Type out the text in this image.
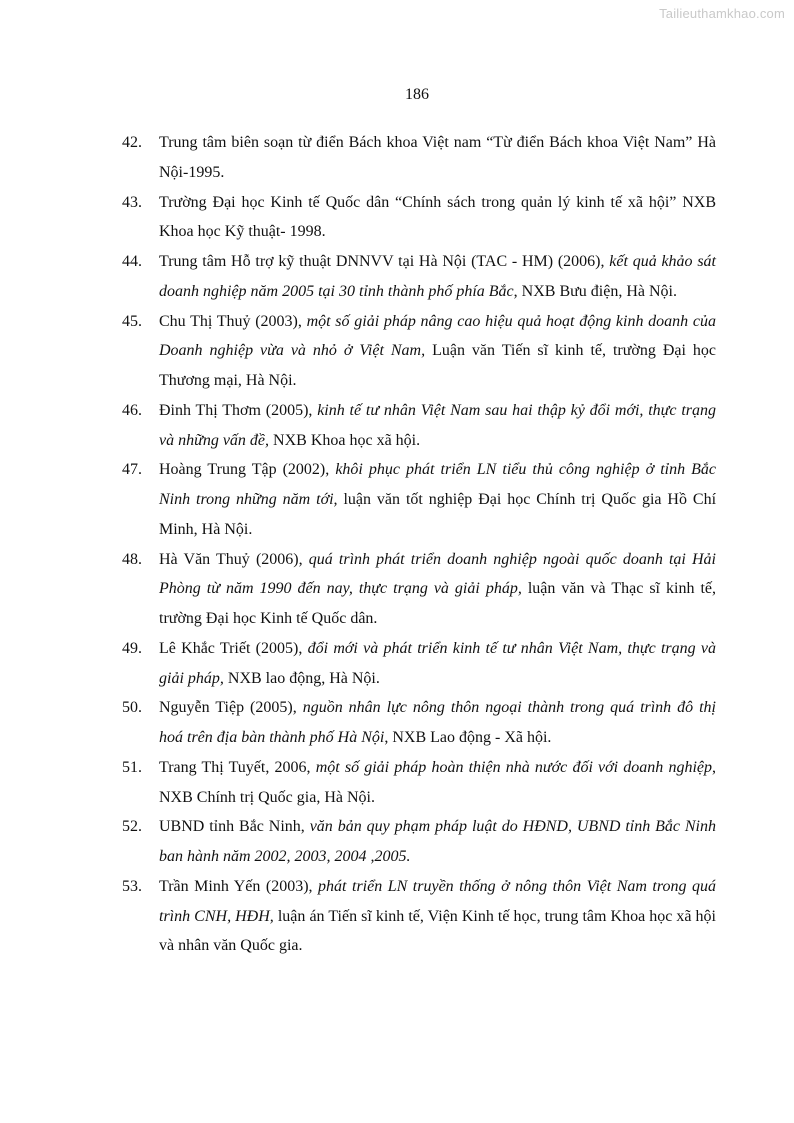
Tailieuthamkhao.com
186
42. Trung tâm biên soạn từ điển Bách khoa Việt nam “Từ điển Bách khoa Việt Nam” Hà Nội-1995.
43. Trường Đại học Kinh tế Quốc dân “Chính sách trong quản lý kinh tế xã hội” NXB Khoa học Kỹ thuật- 1998.
44. Trung tâm Hỗ trợ kỹ thuật DNNVV tại Hà Nội (TAC - HM) (2006), kết quả khảo sát doanh nghiệp năm 2005 tại 30 tỉnh thành phố phía Bắc, NXB Bưu điện, Hà Nội.
45. Chu Thị Thuỷ (2003), một số giải pháp nâng cao hiệu quả hoạt động kinh doanh của Doanh nghiệp vừa và nhỏ ở Việt Nam, Luận văn Tiến sĩ kinh tế, trường Đại học Thương mại, Hà Nội.
46. Đinh Thị Thơm (2005), kinh tế tư nhân Việt Nam sau hai thập kỷ đổi mới, thực trạng và những vấn đề, NXB Khoa học xã hội.
47. Hoàng Trung Tập (2002), khôi phục phát triển LN tiểu thủ công nghiệp ở tỉnh Bắc Ninh trong những năm tới, luận văn tốt nghiệp Đại học Chính trị Quốc gia Hồ Chí Minh, Hà Nội.
48. Hà Văn Thuỷ (2006), quá trình phát triển doanh nghiệp ngoài quốc doanh tại Hải Phòng từ năm 1990 đến nay, thực trạng và giải pháp, luận văn và Thạc sĩ kinh tế, trường Đại học Kinh tế Quốc dân.
49. Lê Khắc Triết (2005), đổi mới và phát triển kinh tế tư nhân Việt Nam, thực trạng và giải pháp, NXB lao động, Hà Nội.
50. Nguyễn Tiệp (2005), nguồn nhân lực nông thôn ngoại thành trong quá trình đô thị hoá trên địa bàn thành phố Hà Nội, NXB Lao động - Xã hội.
51. Trang Thị Tuyết, 2006, một số giải pháp hoàn thiện nhà nước đối với doanh nghiệp, NXB Chính trị Quốc gia, Hà Nội.
52. UBND tỉnh Bắc Ninh, văn bản quy phạm pháp luật do HĐND, UBND tỉnh Bắc Ninh ban hành năm 2002, 2003, 2004 ,2005.
53. Trần Minh Yến (2003), phát triển LN truyền thống ở nông thôn Việt Nam trong quá trình CNH, HĐH, luận án Tiến sĩ kinh tế, Viện Kinh tế học, trung tâm Khoa học xã hội và nhân văn Quốc gia.
